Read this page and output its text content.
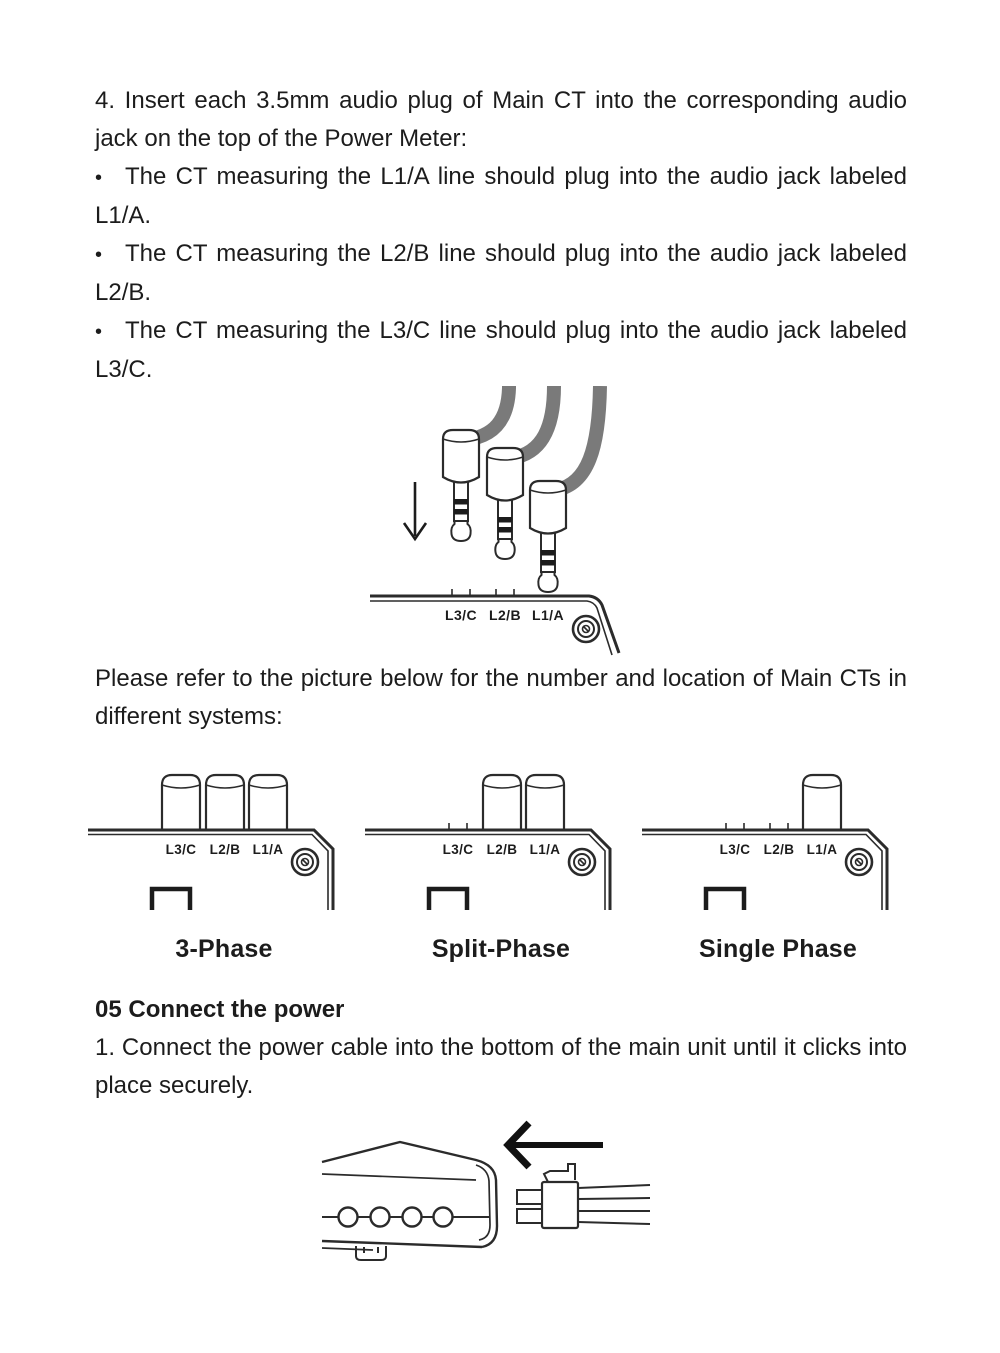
4. Insert each 3.5mm audio plug of Main CT into the corresponding audio jack on the top of the Power Meter:

• The CT measuring the L1/A line should plug into the audio jack labeled L1/A.

• The CT measuring the L2/B line should plug into the audio jack labeled L2/B.

• The CT measuring the L3/C line should plug into the audio jack labeled L3/C.

L3/C L2/B L1/A

Please refer to the picture below for the number and location of Main CTs in different systems:

L3/C L2/B L1/A
3-Phase
L3/C L2/B L1/A
Split-Phase
L3/C L2/B L1/A
Single Phase
05 Connect the power

1. Connect the power cable into the bottom of the main unit until it clicks into place securely.
